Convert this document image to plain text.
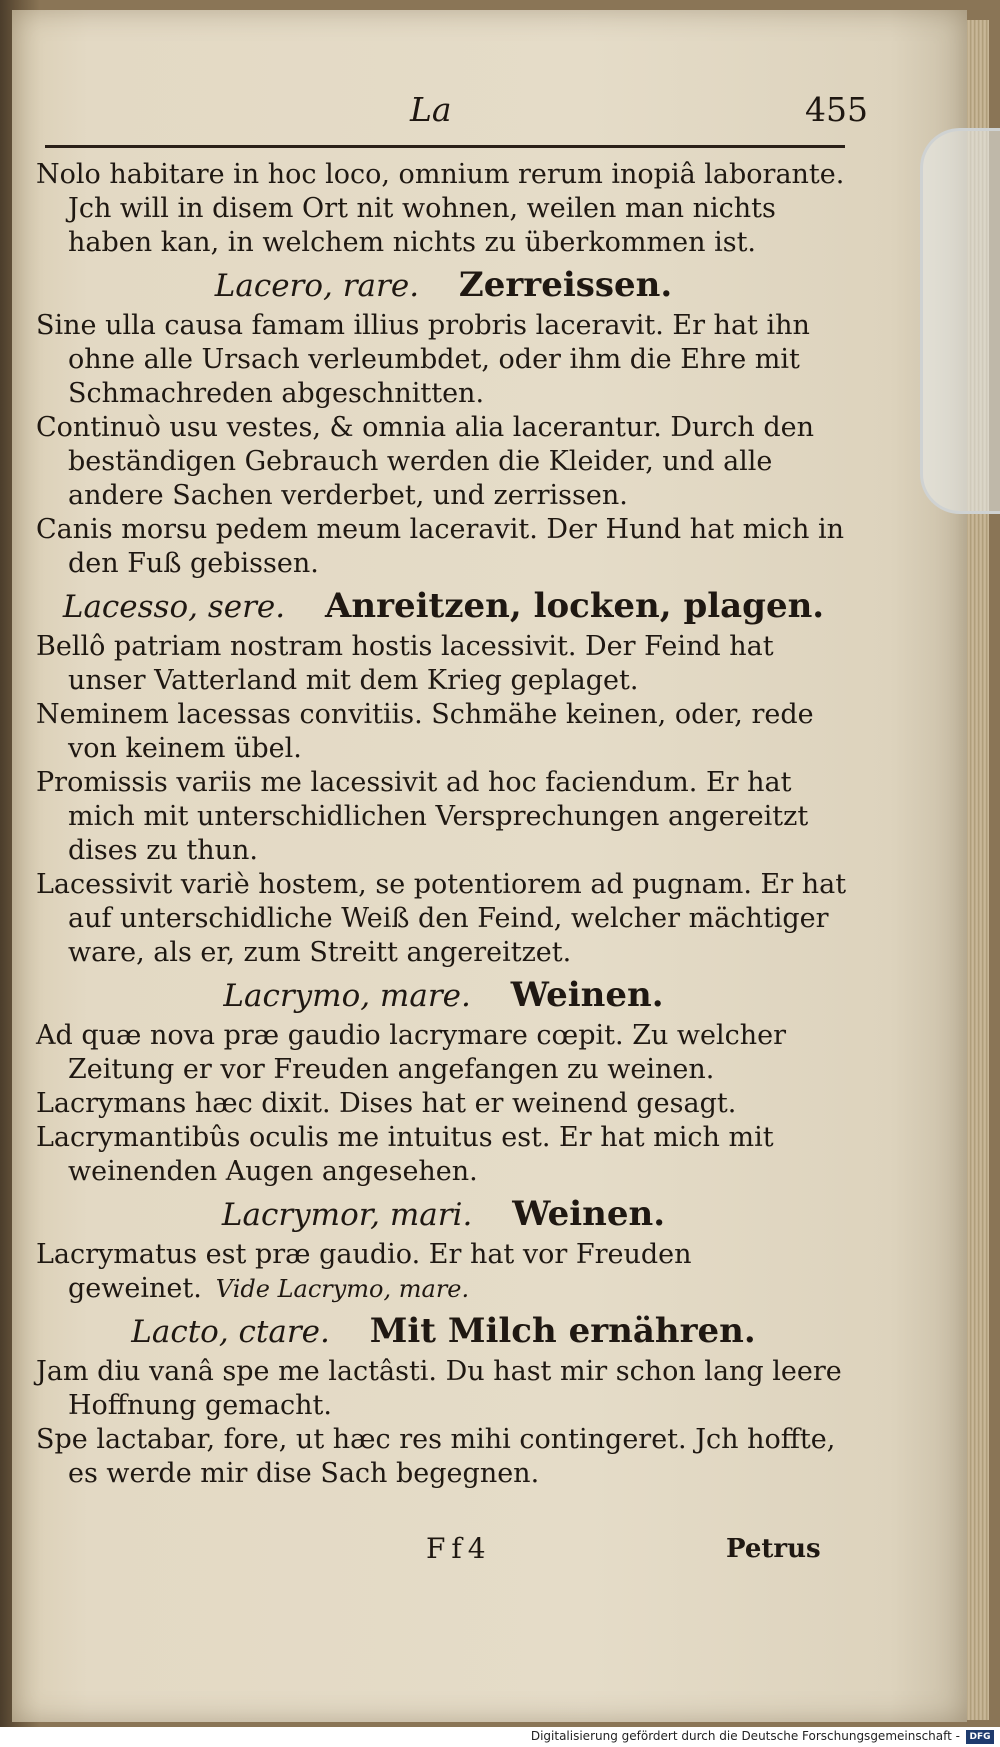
La	455

Nolo habitare in hoc loco, omnium rerum inopiâ laborante. Jch will in disem Ort nit wohnen, weilen man nichts haben kan, in welchem nichts zu überkommen ist.

Lacero, rare. Zerreissen.

Sine ulla causa famam illius probris laceravit. Er hat ihn ohne alle Ursach verleumbdet, oder ihm die Ehre mit Schmachreden abgeschnitten.

Continuò usu vestes, & omnia alia lacerantur. Durch den beständigen Gebrauch werden die Kleider, und alle andere Sachen verderbet, und zerrissen.

Canis morsu pedem meum laceravit. Der Hund hat mich in den Fuß gebissen.

Lacesso, sere. Anreitzen, locken, plagen.

Bellô patriam nostram hostis lacessivit. Der Feind hat unser Vatterland mit dem Krieg geplaget.

Neminem lacessas convitiis. Schmähe keinen, oder, rede von keinem übel.

Promissis variis me lacessivit ad hoc faciendum. Er hat mich mit unterschidlichen Versprechungen angereitzt dises zu thun.

Lacessivit variè hostem, se potentiorem ad pugnam. Er hat auf unterschidliche Weiß den Feind, welcher mächtiger ware, als er, zum Streitt angereitzet.

Lacrymo, mare. Weinen.

Ad quæ nova præ gaudio lacrymare cœpit. Zu welcher Zeitung er vor Freuden angefangen zu weinen.

Lacrymans hæc dixit. Dises hat er weinend gesagt.

Lacrymantibûs oculis me intuitus est. Er hat mich mit weinenden Augen angesehen.

Lacrymor, mari. Weinen.

Lacrymatus est præ gaudio. Er hat vor Freuden geweinet. Vide Lacrymo, mare.

Lacto, ctare. Mit Milch ernähren.

Jam diu vanâ spe me lactâsti. Du hast mir schon lang leere Hoffnung gemacht.

Spe lactabar, fore, ut hæc res mihi contingeret. Jch hoffte, es werde mir dise Sach begegnen.

Ff4	Petrus
Digitalisierung gefördert durch die Deutsche Forschungsgemeinschaft -	DFG
